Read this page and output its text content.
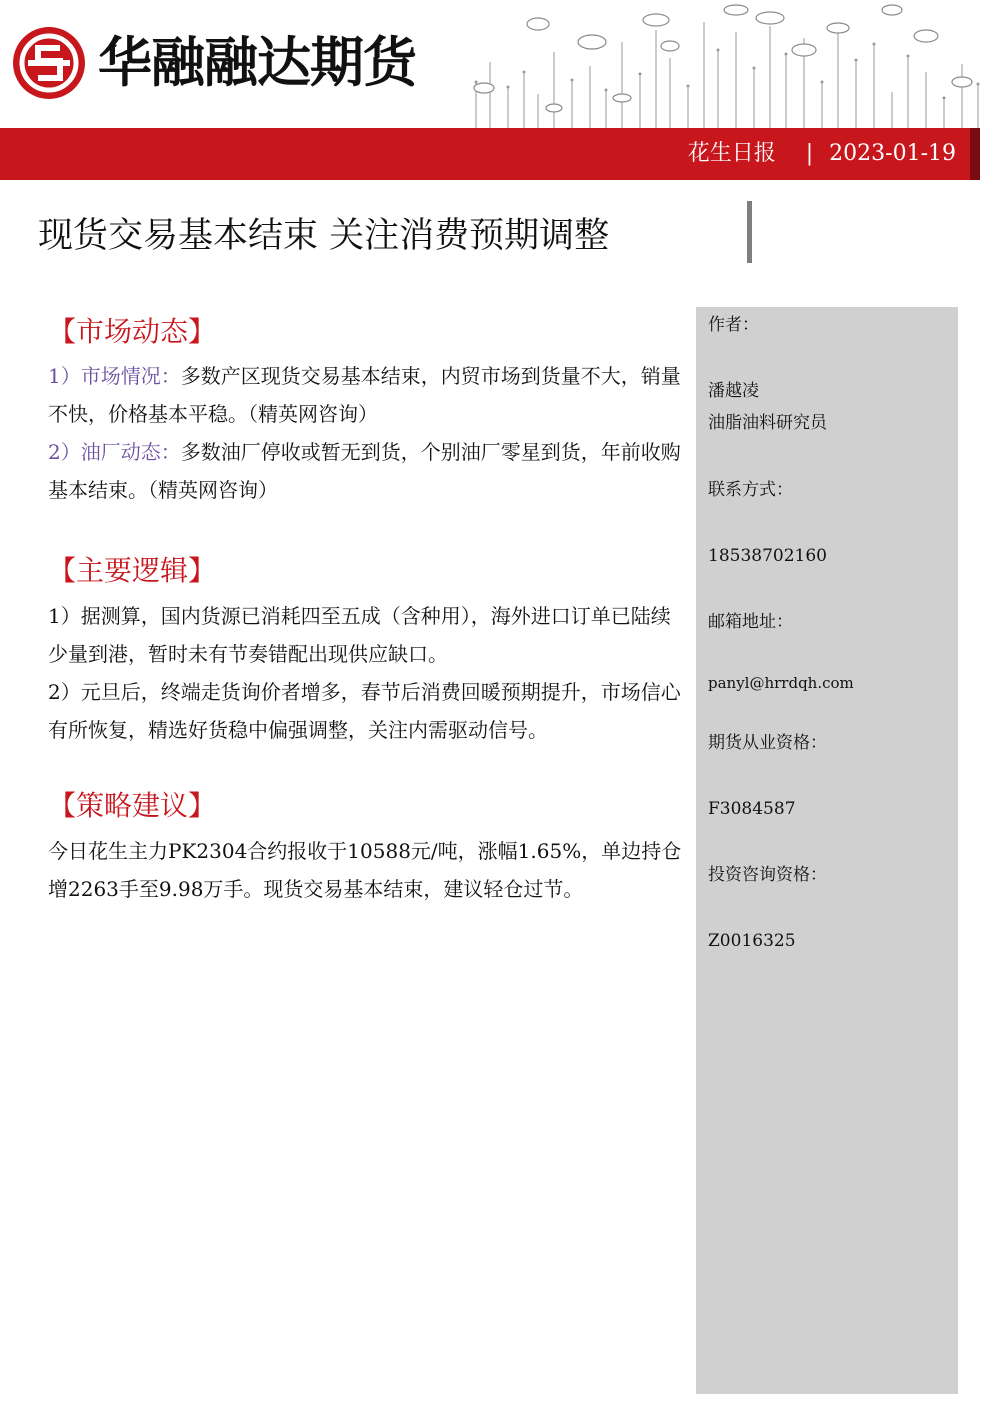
华融融达期货
花生日报 | 2023-01-19
现货交易基本结束 关注消费预期调整
【市场动态】
1）市场情况：多数产区现货交易基本结束，内贸市场到货量不大，销量不快，价格基本平稳。（精英网咨询）
2）油厂动态：多数油厂停收或暂无到货，个别油厂零星到货，年前收购基本结束。（精英网咨询）
【主要逻辑】
1）据测算，国内货源已消耗四至五成（含种用），海外进口订单已陆续少量到港，暂时未有节奏错配出现供应缺口。
2）元旦后，终端走货询价者增多，春节后消费回暖预期提升，市场信心有所恢复，精选好货稳中偏强调整，关注内需驱动信号。
【策略建议】
今日花生主力PK2304合约报收于10588元/吨，涨幅1.65%，单边持仓增2263手至9.98万手。现货交易基本结束，建议轻仓过节。
作者：
潘越凌
油脂油料研究员
联系方式：
18538702160
邮箱地址：
panyl@hrrdqh.com
期货从业资格：
F3084587
投资咨询资格：
Z0016325
